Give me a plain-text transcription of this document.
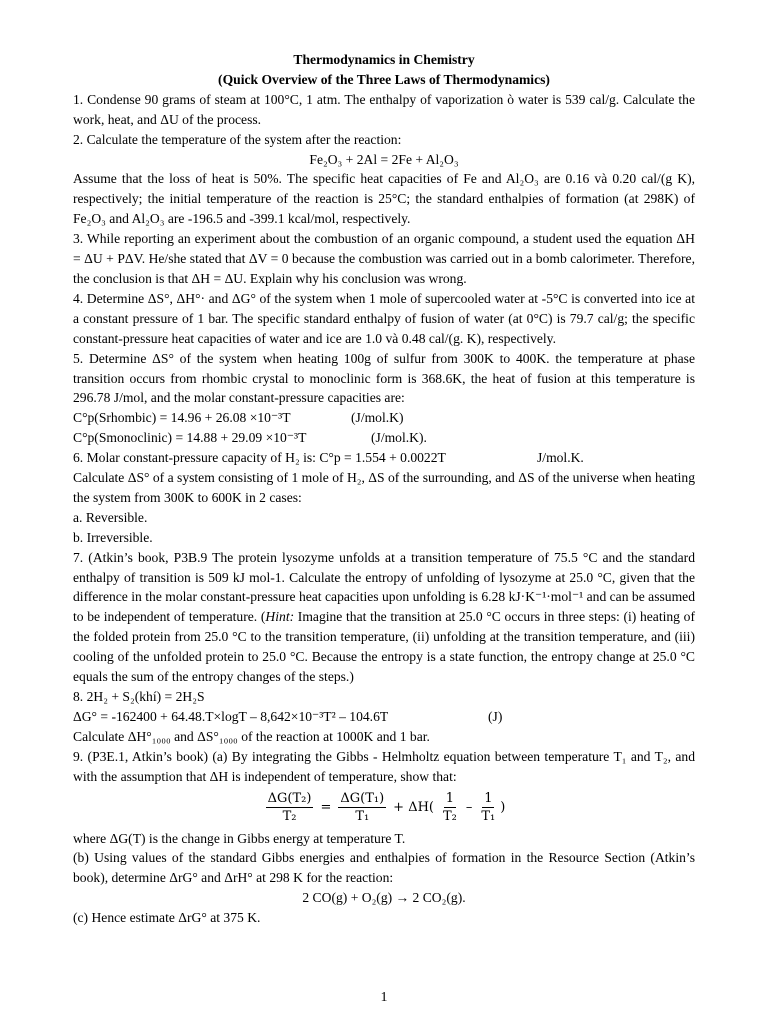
Thermodynamics in Chemistry
(Quick Overview of the Three Laws of Thermodynamics)
1. Condense 90 grams of steam at 100°C, 1 atm. The enthalpy of vaporization ò water is 539 cal/g. Calculate the work, heat, and ΔU of the process.
2. Calculate the temperature of the system after the reaction:
Fe₂O₃ + 2Al = 2Fe + Al₂O₃
Assume that the loss of heat is 50%. The specific heat capacities of Fe and Al₂O₃ are 0.16 và 0.20 cal/(g K), respectively; the initial temperature of the reaction is 25°C; the standard enthalpies of formation (at 298K) of Fe₂O₃ and Al₂O₃ are -196.5 and -399.1 kcal/mol, respectively.
3. While reporting an experiment about the combustion of an organic compound, a student used the equation ΔH = ΔU + PΔV. He/she stated that ΔV = 0 because the combustion was carried out in a bomb calorimeter. Therefore, the conclusion is that ΔH = ΔU. Explain why his conclusion was wrong.
4. Determine ΔS°, ΔH°· and ΔG° of the system when 1 mole of supercooled water at -5°C is converted into ice at a constant pressure of 1 bar. The specific standard enthalpy of fusion of water (at 0°C) is 79.7 cal/g; the specific constant-pressure heat capacities of water and ice are 1.0 và 0.48 cal/(g. K), respectively.
5. Determine ΔS° of the system when heating 100g of sulfur from 300K to 400K. the temperature at phase transition occurs from rhombic crystal to monoclinic form is 368.6K, the heat of fusion at this temperature is 296.78 J/mol, and the molar constant-pressure capacities are:
C°p(Srhombic) = 14.96 + 26.08 ×10⁻³T	(J/mol.K)
C°p(Smonoclinic) = 14.88 + 29.09 ×10⁻³T	(J/mol.K).
6. Molar constant-pressure capacity of H₂ is: C°p = 1.554 + 0.0022T	J/mol.K.
Calculate ΔS° of a system consisting of 1 mole of H₂, ΔS of the surrounding, and ΔS of the universe when heating the system from 300K to 600K in 2 cases:
a. Reversible.
b. Irreversible.
7. (Atkin’s book, P3B.9 The protein lysozyme unfolds at a transition temperature of 75.5 °C and the standard enthalpy of transition is 509 kJ mol-1. Calculate the entropy of unfolding of lysozyme at 25.0 °C, given that the difference in the molar constant-pressure heat capacities upon unfolding is 6.28 kJ·K⁻¹·mol⁻¹ and can be assumed to be independent of temperature. (Hint: Imagine that the transition at 25.0 °C occurs in three steps: (i) heating of the folded protein from 25.0 °C to the transition temperature, (ii) unfolding at the transition temperature, and (iii) cooling of the unfolded protein to 25.0 °C. Because the entropy is a state function, the entropy change at 25.0 °C equals the sum of the entropy changes of the steps.)
8. 2H₂ + S₂(khí) = 2H₂S
ΔG° = -162400 + 64.48.T×logT – 8,642×10⁻³T² – 104.6T	(J)
Calculate ΔH°₁₀₀₀ and ΔS°₁₀₀₀ of the reaction at 1000K and 1 bar.
9. (P3E.1, Atkin’s book) (a) By integrating the Gibbs - Helmholtz equation between temperature T₁ and T₂, and with the assumption that ΔH is independent of temperature, show that:
$\frac{\text{ΔG(T₂)}}{\text{T₂}} = \frac{\text{ΔG(T₁)}}{\text{T₁}} + \Delta H( \frac{1}{\text{T₂}} - \frac{1}{\text{T₁}}$ )
where ΔG(T) is the change in Gibbs energy at temperature T.
(b) Using values of the standard Gibbs energies and enthalpies of formation in the Resource Section (Atkin’s book), determine ΔrG° and ΔrH° at 298 K for the reaction:
2 CO(g) + O₂(g) → 2 CO₂(g).
(c) Hence estimate ΔrG° at 375 K.
1
